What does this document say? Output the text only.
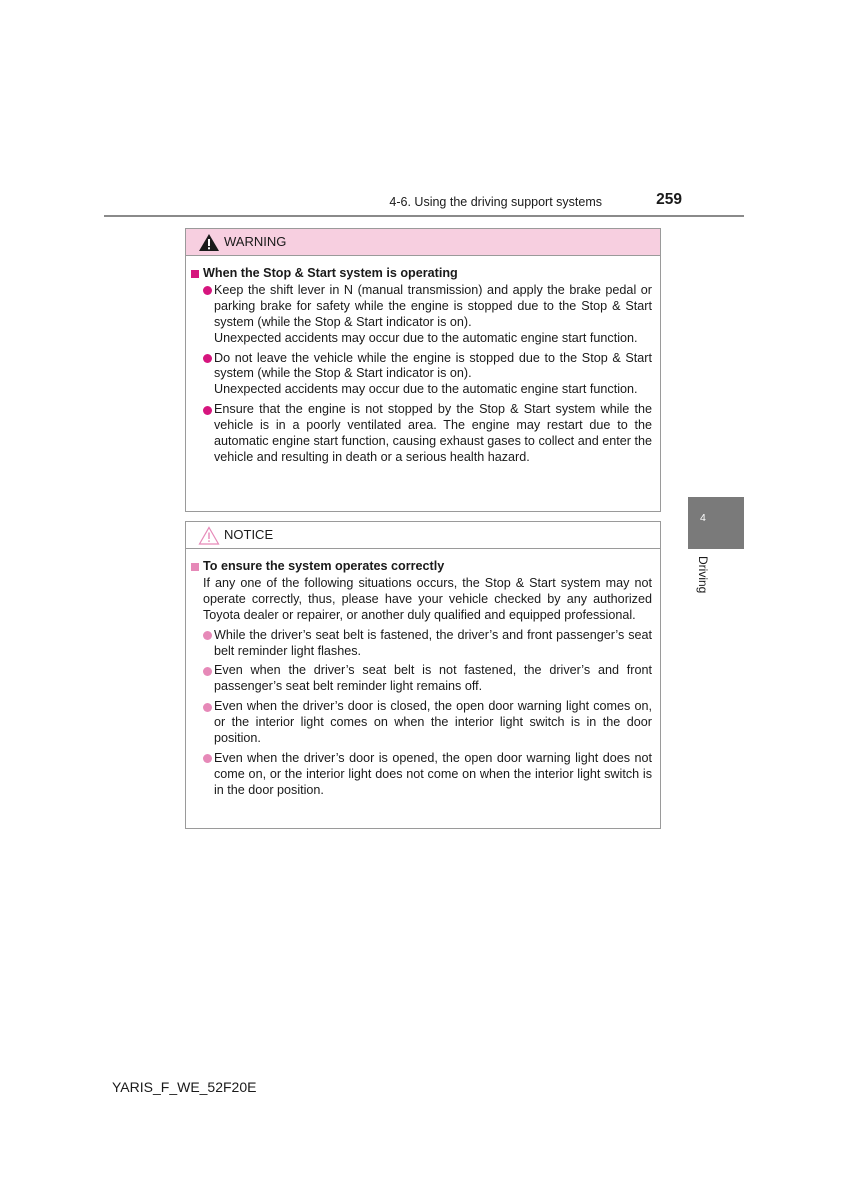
4-6. Using the driving support systems	259
4
Driving
WARNING
When the Stop & Start system is operating
Keep the shift lever in N (manual transmission) and apply the brake pedal or parking brake for safety while the engine is stopped due to the Stop & Start system (while the Stop & Start indicator is on).
Unexpected accidents may occur due to the automatic engine start function.
Do not leave the vehicle while the engine is stopped due to the Stop & Start system (while the Stop & Start indicator is on).
Unexpected accidents may occur due to the automatic engine start function.
Ensure that the engine is not stopped by the Stop & Start system while the vehicle is in a poorly ventilated area. The engine may restart due to the automatic engine start function, causing exhaust gases to collect and enter the vehicle and resulting in death or a serious health hazard.
NOTICE
To ensure the system operates correctly
If any one of the following situations occurs, the Stop & Start system may not operate correctly, thus, please have your vehicle checked by any authorized Toyota dealer or repairer, or another duly qualified and equipped professional.
While the driver’s seat belt is fastened, the driver’s and front passenger’s seat belt reminder light flashes.
Even when the driver’s seat belt is not fastened, the driver’s and front passenger’s seat belt reminder light remains off.
Even when the driver’s door is closed, the open door warning light comes on, or the interior light comes on when the interior light switch is in the door position.
Even when the driver’s door is opened, the open door warning light does not come on, or the interior light does not come on when the interior light switch is in the door position.
YARIS_F_WE_52F20E
